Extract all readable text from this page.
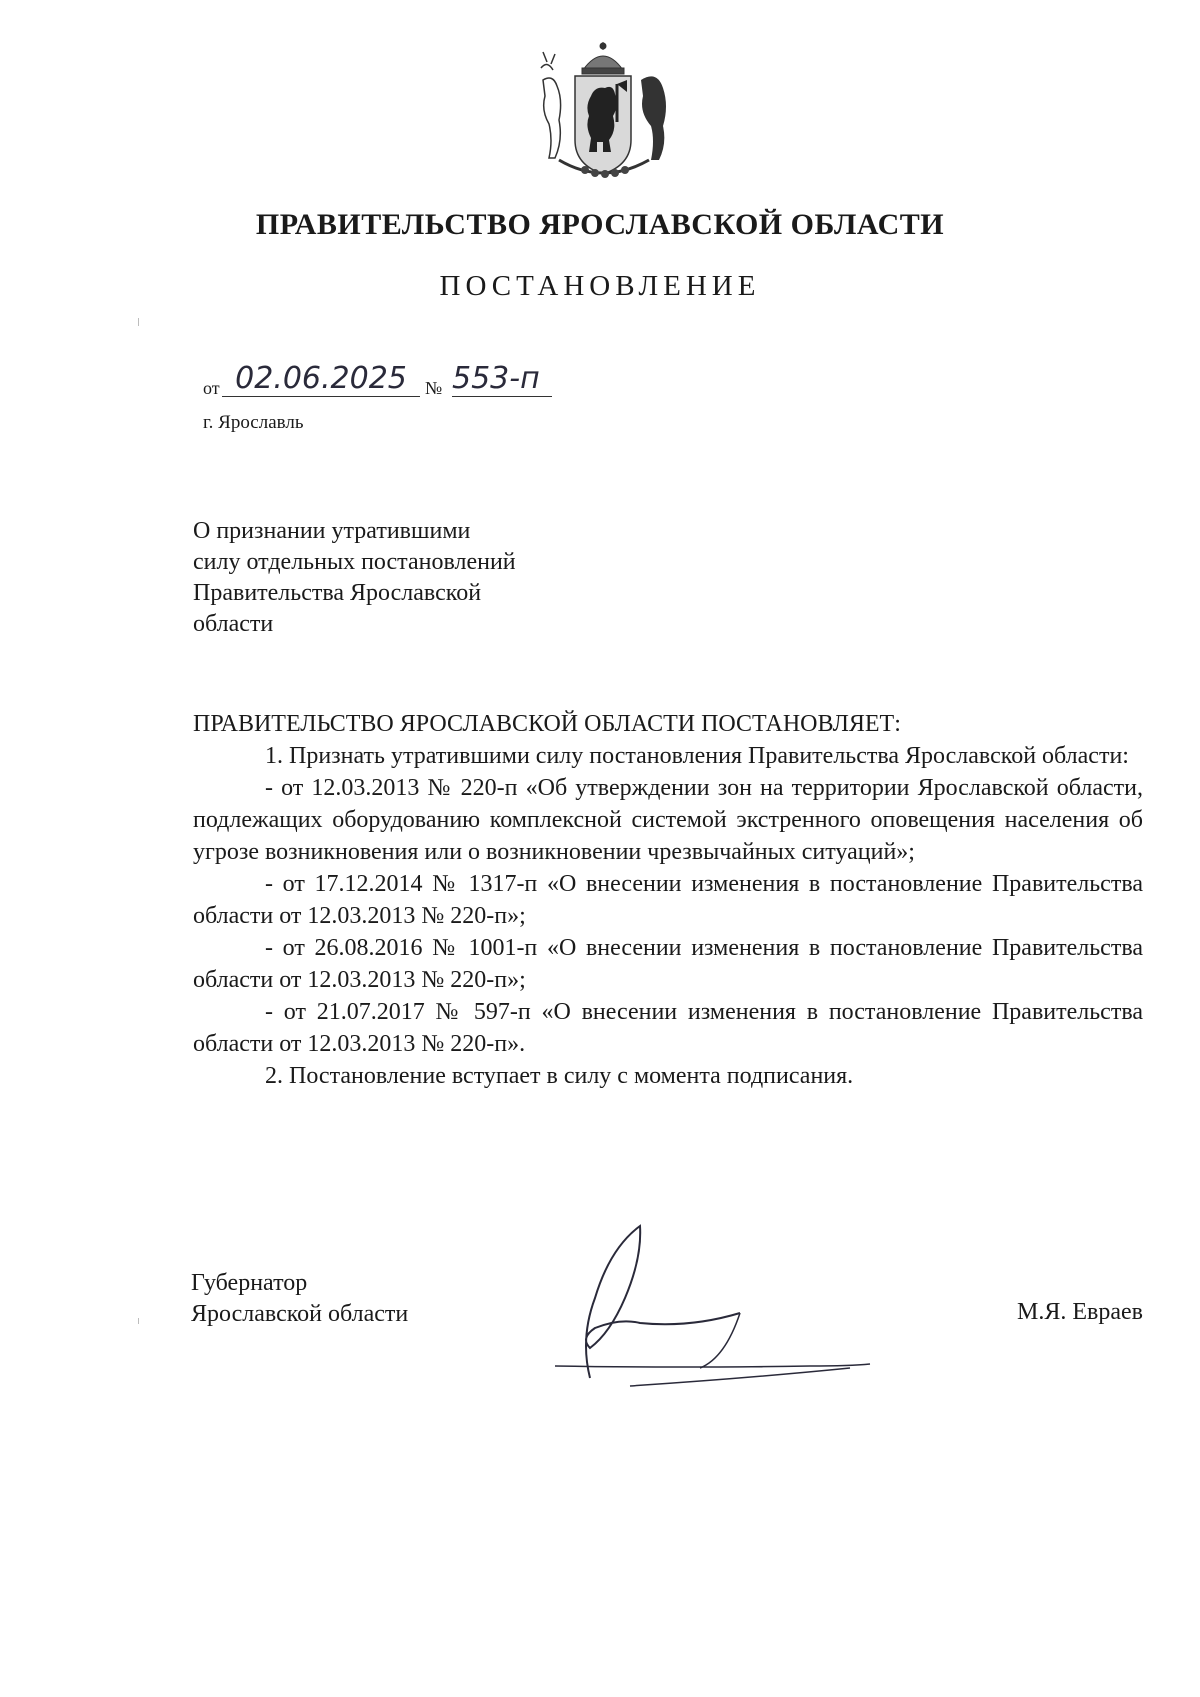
ПРАВИТЕЛЬСТВО ЯРОСЛАВСКОЙ ОБЛАСТИ
ПОСТАНОВЛЕНИЕ
от 02.06.2025	№ 553-п
г. Ярославль
О признании утратившими
силу отдельных постановлений
Правительства Ярославской
области

ПРАВИТЕЛЬСТВО ЯРОСЛАВСКОЙ ОБЛАСТИ ПОСТАНОВЛЯЕТ:

1. Признать утратившими силу постановления Правительства Ярославской области:

- от 12.03.2013 № 220-п «Об утверждении зон на территории Ярославской области, подлежащих оборудованию комплексной системой экстренного оповещения населения об угрозе возникновения или о возникновении чрезвычайных ситуаций»;

- от 17.12.2014 № 1317-п «О внесении изменения в постановление Правительства области от 12.03.2013 № 220-п»;

- от 26.08.2016 № 1001-п «О внесении изменения в постановление Правительства области от 12.03.2013 № 220-п»;

- от 21.07.2017 № 597-п «О внесении изменения в постановление Правительства области от 12.03.2013 № 220-п».

2. Постановление вступает в силу с момента подписания.

Губернатор
Ярославской области	М.Я. Евраев
